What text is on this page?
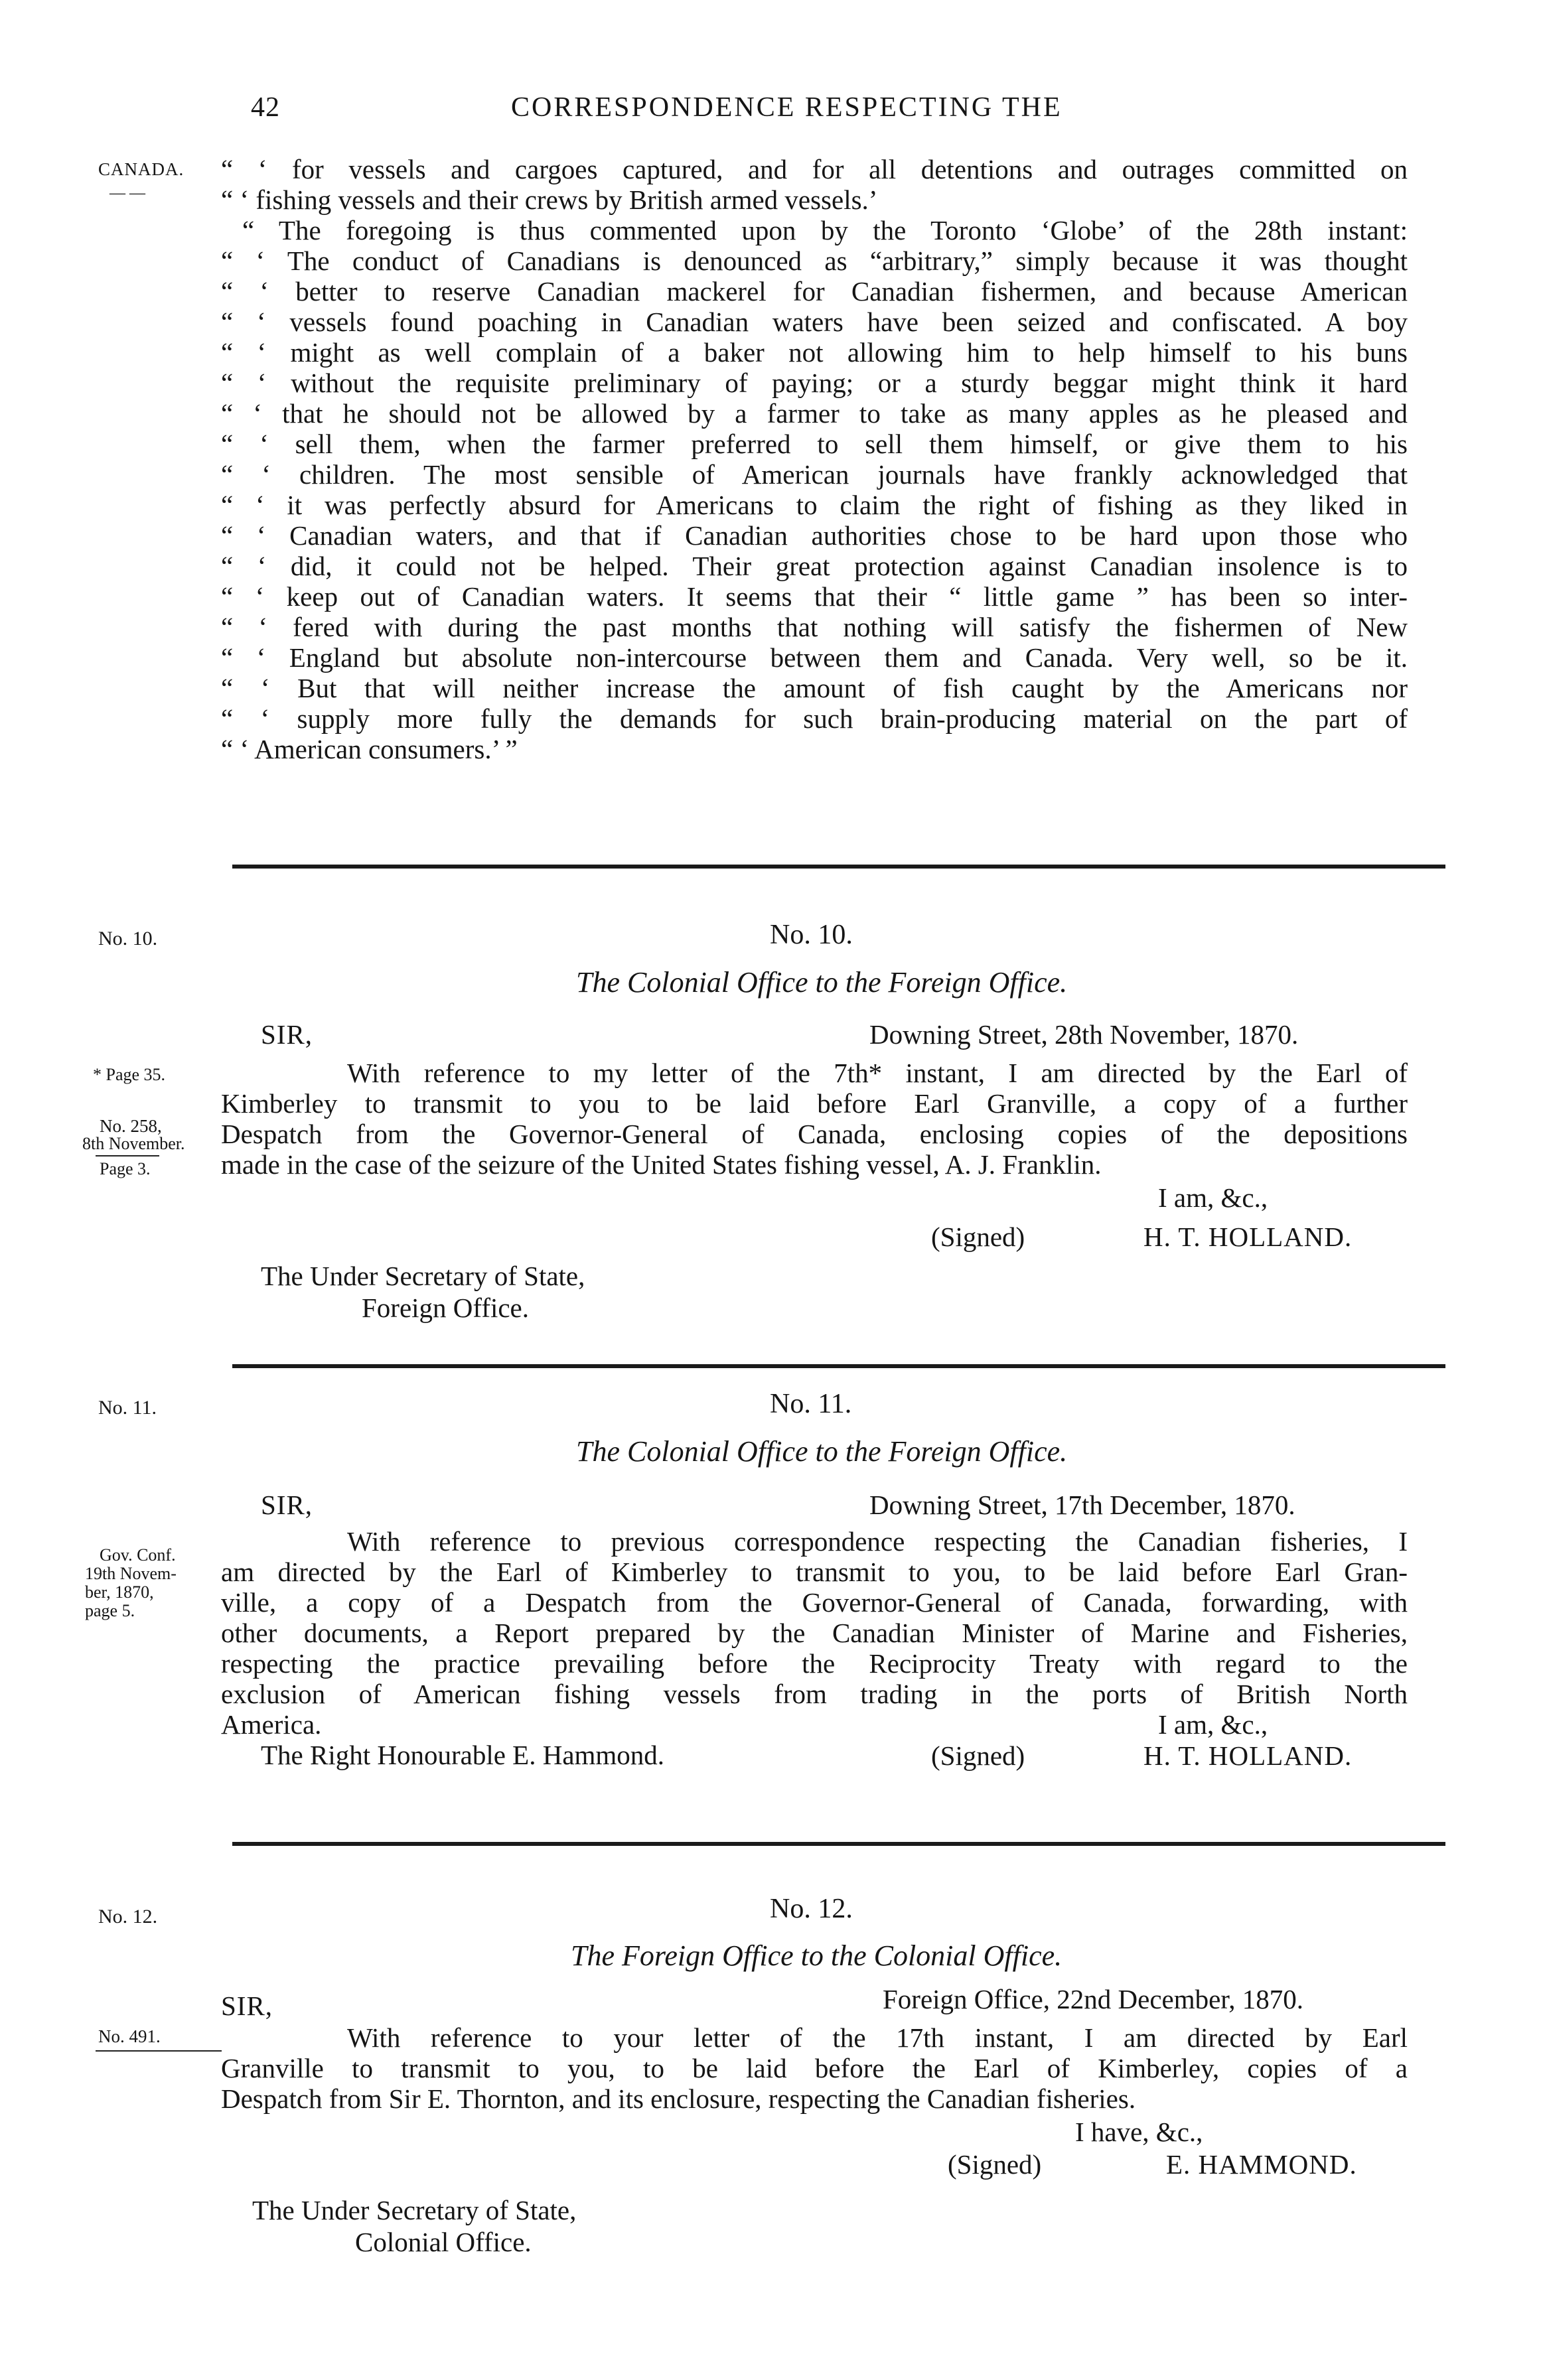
42	CORRESPONDENCE RESPECTING THE
CANADA.
— —
No. 10.
* Page 35.
No. 258,
8th November.
Page 3.
No. 11.
Gov. Conf.
19th Novem-
ber, 1870,
page 5.
No. 12.
No. 491.
“ ‘ for vessels and cargoes captured, and for all detentions and outrages committed on
“ ‘ fishing vessels and their crews by British armed vessels.’
“ The foregoing is thus commented upon by the Toronto ‘Globe’ of the 28th instant:
“ ‘ The conduct of Canadians is denounced as “arbitrary,” simply because it was thought
“ ‘ better to reserve Canadian mackerel for Canadian fishermen, and because American
“ ‘ vessels found poaching in Canadian waters have been seized and confiscated. A boy
“ ‘ might as well complain of a baker not allowing him to help himself to his buns
“ ‘ without the requisite preliminary of paying; or a sturdy beggar might think it hard
“ ‘ that he should not be allowed by a farmer to take as many apples as he pleased and
“ ‘ sell them, when the farmer preferred to sell them himself, or give them to his
“ ‘ children. The most sensible of American journals have frankly acknowledged that
“ ‘ it was perfectly absurd for Americans to claim the right of fishing as they liked in
“ ‘ Canadian waters, and that if Canadian authorities chose to be hard upon those who
“ ‘ did, it could not be helped. Their great protection against Canadian insolence is to
“ ‘ keep out of Canadian waters. It seems that their “ little game ” has been so inter-
“ ‘ fered with during the past months that nothing will satisfy the fishermen of New
“ ‘ England but absolute non-intercourse between them and Canada. Very well, so be it.
“ ‘ But that will neither increase the amount of fish caught by the Americans nor
“ ‘ supply more fully the demands for such brain-producing material on the part of
“ ‘ American consumers.’ ”
No. 10.
The Colonial Office to the Foreign Office.
SIR,	Downing Street, 28th November, 1870.
With reference to my letter of the 7th* instant, I am directed by the Earl of
Kimberley to transmit to you to be laid before Earl Granville, a copy of a further
Despatch from the Governor-General of Canada, enclosing copies of the depositions
made in the case of the seizure of the United States fishing vessel, A. J. Franklin.
I am, &c.,
(Signed)	H. T. HOLLAND.
The Under Secretary of State,
Foreign Office.
No. 11.
The Colonial Office to the Foreign Office.
SIR,	Downing Street, 17th December, 1870.
With reference to previous correspondence respecting the Canadian fisheries, I
am directed by the Earl of Kimberley to transmit to you, to be laid before Earl Gran-
ville, a copy of a Despatch from the Governor-General of Canada, forwarding, with
other documents, a Report prepared by the Canadian Minister of Marine and Fisheries,
respecting the practice prevailing before the Reciprocity Treaty with regard to the
exclusion of American fishing vessels from trading in the ports of British North
America.	I am, &c.,
The Right Honourable E. Hammond.	(Signed)	H. T. HOLLAND.
No. 12.
The Foreign Office to the Colonial Office.
SIR,	Foreign Office, 22nd December, 1870.
With reference to your letter of the 17th instant, I am directed by Earl
Granville to transmit to you, to be laid before the Earl of Kimberley, copies of a
Despatch from Sir E. Thornton, and its enclosure, respecting the Canadian fisheries.
I have, &c.,
(Signed)	E. HAMMOND.
The Under Secretary of State,
Colonial Office.
